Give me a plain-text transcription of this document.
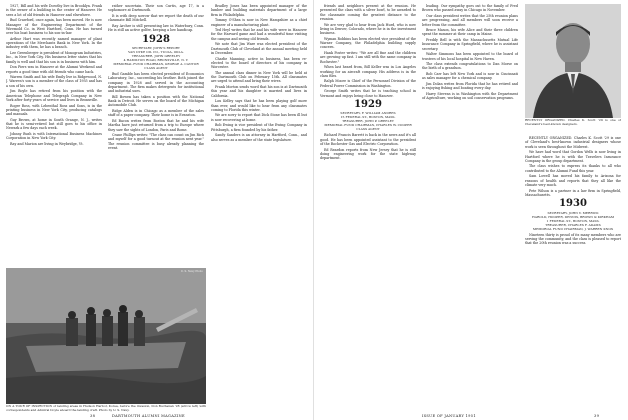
1927, Bill and his wife Dorothy live in Brooklyn. Frank is the owner of a building in the center of Hanover. He sees a lot of old friends in Hanover and elsewhere.

Bud Crawford, once again, has been moved. He is now Manager of the Engineering Department of the Wiremold Co. in West Hartford, Conn. He has turned over his boat business to his son-in-law.

Arthur Hart was recently named manager of plant operations of the Merchants Bank in New York. In the industry with them, he has a branch.

Lee Greenberger is president of Monogram Industries, Inc., in New York City. His business letter states that his family is well and that his son is in business with him.

Don Piers was in Hanover at the Alumni Weekend and reports a good time with old friends who came back.

Warren Smith and his wife Emily live in Ridgewood, N. J. Warren's son is a member of the class of 1955 and has a son of his own.

Jim Boyle has retired from his position with the American Telephone and Telegraph Company in New York after forty years of service and lives in Bronxville.

Roger Ross, with Lebenthal Ross and Sons, is in the printing business in New York City, producing catalogs and manuals.

Guy Brown, at home in South Orange, N. J., writes that he is semi-retired but still goes to his office in Newark a few days each week.

Johnny Bush is with International Business Machines Corporation in New York City.

Ray and Marion are living in Weybridge, Vt.

rather uncertain. Their son Curtis, age 17, is a sophomore at Dartmouth.

It is with deep sorrow that we report the death of our classmate Bill Mitchell.

Ray Archer is still presenting law in Waterbury, Conn. He is still an active golfer, keeping a low handicap.

1928

SECRETARY, JOHN'S REPORT
VAN DYKE OIL CO., TULSA, OKLA.
TREASURER, JOHN GREELEY
4 HAMILTON ROAD, BRONXVILLE, N. Y.
MEMORIAL FUND CHAIRMAN, GEORGE A. CANTOR
CLASS AGENT

Bud Gamble has been elected president of Economics Laboratory, Inc., succeeding his brother. Both joined the company in 1928 and served in the accounting department. The firm makes detergents for institutional and industrial uses.

Bill Bowen has taken a position with the National Bank in Detroit. He serves on the board of the Michigan Automobile Club.

Ridge Alden is in Chicago as a member of the sales staff of a paper company. Their home is in Evanston.

Ed Bacon writes from Boston that he and his wife Martha have just returned from a trip to Europe where they saw the sights of London, Paris and Rome.

Crane Phillips writes: "The class can count on Jim Rich and myself for a good turnout at the reunion next year." The reunion committee is busy already planning the event.

Bradley Jones has been appointed manager of the lumber and building materials department of a large firm in Philadelphia.

Tommy O'Shea is now in New Hampshire as a chief engineer of a manufacturing plant.

Ted Heyl writes that he and his wife were in Hanover for the Harvard game and had a wonderful time visiting the campus and seeing old friends.

We note that Jim Ware was elected president of the Dartmouth Club of Cleveland at the annual meeting held in December.

Charlie Manning, active in business, has been re-elected to the board of directors of his company in Worcester.

The annual class dinner in New York will be held at the Dartmouth Club on February 15th. All classmates are urged to attend and bring their wives.

Frank Morton sends word that his son is at Dartmouth this year and his daughter is married and lives in California.

Lou Kelley says that he has been playing golf more than ever, and would like to hear from any classmates coming to Florida this winter.

We are sorry to report that Dick Stone has been ill but is now recovering at home.

Bob Ewing is vice president of the Ewing Company in Pittsburgh, a firm founded by his father.

Sandy Sanders is an attorney in Hartford, Conn., and also serves as a member of the state legislature.

U. S. Navy Photo
ON A TOUR OF INSPECTION of landing areas in Hudson Harbor, Korea, before the invasion, Don Buchanan '28 (arrow left) with correspondents and Admiral Doyle aboard the landing craft. Photo by U. S. Navy.
38	DARTMOUTH ALUMNI MAGAZINE

friends and neighbors present at the reunion. He presented the class with a silver bowl, to be awarded to the classmate coming the greatest distance to the reunion.

We are very glad to hear from Jack Hurd, who is now living in Denver, Colorado, where he is in the investment business.

Wyman Robbins has been elected vice president of the Warner Company, the Philadelphia building supply concern.

Hank Foster writes: "We are all fine and the children are growing up fast. I am still with the same company in Rochester."

When last heard from, Bill Keller was in Los Angeles working for an aircraft company. His address is in the class files.

Ralph Moore is Chief of the Personnel Division of the Federal Power Commission in Washington.

George Smith writes that he is teaching school in Vermont and enjoys being close to Hanover.

1929

SECRETARY, F. WILLIAM ANDRES
15 FEDERAL ST., BOSTON, MASS.
TREASURER, JOHN P. GREELEY
MEMORIAL FUND CHAIRMAN, CHARLES W. COOPER
CLASS AGENT

Richard Francis Barrett is back in the news and it's all good. He has been appointed assistant to the president of the Rochester Gas and Electric Corporation.

Ed Reardon reports from New Jersey that he is still doing engineering work for the state highway department.

leading. Our sympathy goes out to the family of Fred Brown who passed away in Chicago in November.

Our class president writes that the 25th reunion plans are progressing, and all members will soon receive a letter from the committee.

Bruce Mason, his wife Alice and their three children spent the summer at their camp in Maine.

Freddy Bell is with the Massachusetts Mutual Life Insurance Company in Springfield, where he is assistant secretary.

Walter Simmons has been appointed to the board of trustees of his local hospital in New Haven.

The class extends congratulations to Dan Morse on the birth of a grandson.

Bob Carr has left New York and is now in Cincinnati as sales manager for a chemical company.

Jim Dolan writes from Florida that he has retired and is enjoying fishing and boating every day.

Harry Stevens is in Washington with the Department of Agriculture, working on soil conservation programs.

RECENTLY ORGANIZED. Charles K. Scott '29 is one of Cleveland's best-known designers.

RECENTLY ORGANIZED. Charles K. Scott '29 is one of Cleveland's best-known industrial designers whose work is seen throughout the Midwest.

We have had word that Gordon Wells is now living in Hartford where he is with the Travelers Insurance Company in the group department.

The class wishes to express its thanks to all who contributed to the Alumni Fund this year.

Sam Lowell has moved his family to Arizona for reasons of health and reports that they all like the climate very much.

Pete Wilson is a partner in a law firm in Springfield, Massachusetts.

1930

SECRETARY, JOHN V. MERRICK
HAROLD, HOOPER, DENNIS, BROWN & KIRKHAM
1 FEDERAL ST., BOSTON, MASS.
TREASURER, CHARLES F. ADAMS
MEMORIAL FUND CHAIRMAN, J. WARREN KNOX

Nineteen thirty is proud of its many members who are serving the community, and the class is pleased to report that the 20th reunion was a success.

ISSUE OF JANUARY 1951	39
